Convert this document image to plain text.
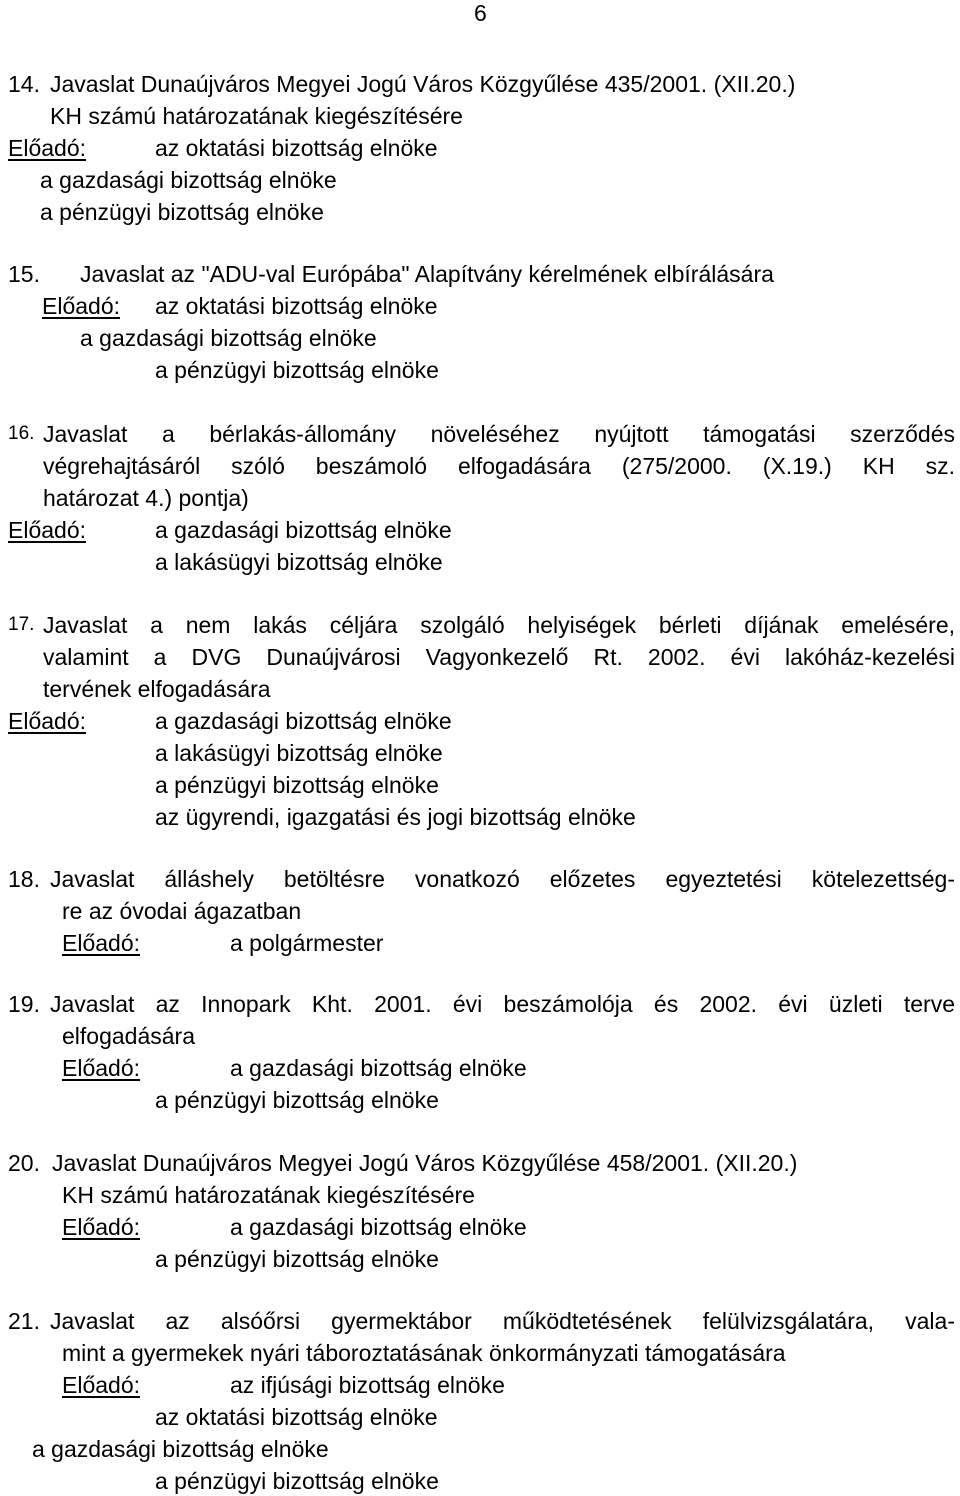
6
14. Javaslat Dunaújváros Megyei Jogú Város Közgyűlése 435/2001. (XII.20.)
KH számú határozatának kiegészítésére
Előadó:	az oktatási bizottság elnöke
a gazdasági bizottság elnöke
a pénzügyi bizottság elnöke
15. Javaslat az "ADU-val Európába" Alapítvány kérelmének elbírálására
Előadó: az oktatási bizottság elnöke
a gazdasági bizottság elnöke
a pénzügyi bizottság elnöke
16. Javaslat a bérlakás-állomány növeléséhez nyújtott támogatási szerződés
végrehajtásáról szóló beszámoló elfogadására (275/2000. (X.19.) KH sz.
határozat 4.) pontja)
Előadó:	a gazdasági bizottság elnöke
a lakásügyi bizottság elnöke
17. Javaslat a nem lakás céljára szolgáló helyiségek bérleti díjának emelésére,
valamint a DVG Dunaújvárosi Vagyonkezelő Rt. 2002. évi lakóház-kezelési
tervének elfogadására
Előadó:	a gazdasági bizottság elnöke
a lakásügyi bizottság elnöke
a pénzügyi bizottság elnöke
az ügyrendi, igazgatási és jogi bizottság elnöke
18. Javaslat álláshely betöltésre vonatkozó előzetes egyeztetési kötelezettség-
re az óvodai ágazatban
Előadó:	a polgármester
19. Javaslat az Innopark Kht. 2001. évi beszámolója és 2002. évi üzleti terve
elfogadására
Előadó:	a gazdasági bizottság elnöke
a pénzügyi bizottság elnöke
20. Javaslat Dunaújváros Megyei Jogú Város Közgyűlése 458/2001. (XII.20.)
KH számú határozatának kiegészítésére
Előadó:	a gazdasági bizottság elnöke
a pénzügyi bizottság elnöke
21. Javaslat az alsóőrsi gyermektábor működtetésének felülvizsgálatára, vala-
mint a gyermekek nyári táboroztatásának önkormányzati támogatására
Előadó:	az ifjúsági bizottság elnöke
az oktatási bizottság elnöke
a gazdasági bizottság elnöke
a pénzügyi bizottság elnöke
